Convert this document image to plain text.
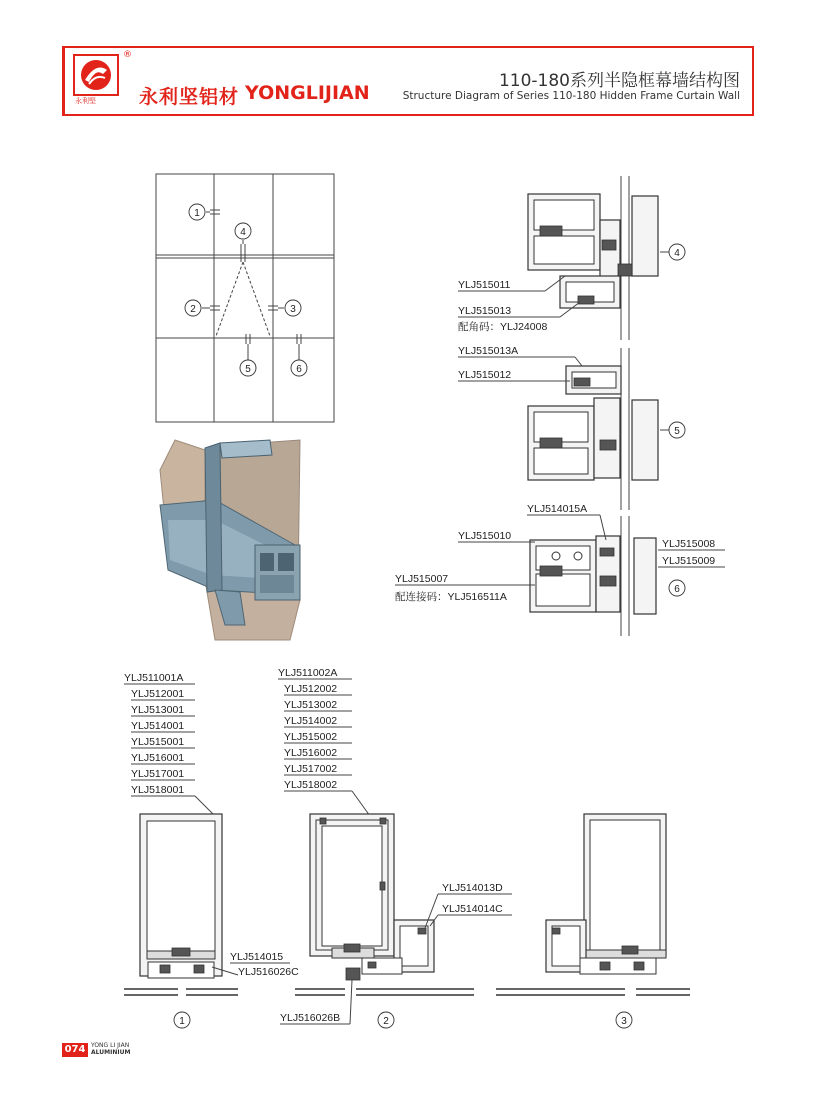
永利堅
®
永利坚铝材 YONGLIJIAN
110-180系列半隐框幕墙结构图
Structure Diagram of Series 110-180 Hidden Frame Curtain Wall
1
4
2	3
5	6
4
YLJ515011
YLJ515013
配角码：YLJ24008
5
YLJ515013A
YLJ515012
6
YLJ514015A
YLJ515010
YLJ515007
配连接码：YLJ516511A
YLJ515008
YLJ515009
YLJ511001A
YLJ512001
YLJ513001
YLJ514001
YLJ515001
YLJ516001
YLJ517001
YLJ518001
YLJ514015
YLJ516026C
1
YLJ511002A
YLJ512002
YLJ513002
YLJ514002
YLJ515002
YLJ516002
YLJ517002
YLJ518002
YLJ514013D
YLJ514014C
YLJ516026B	2	3
074 YONG LI JIAN
ALUMINIUM
